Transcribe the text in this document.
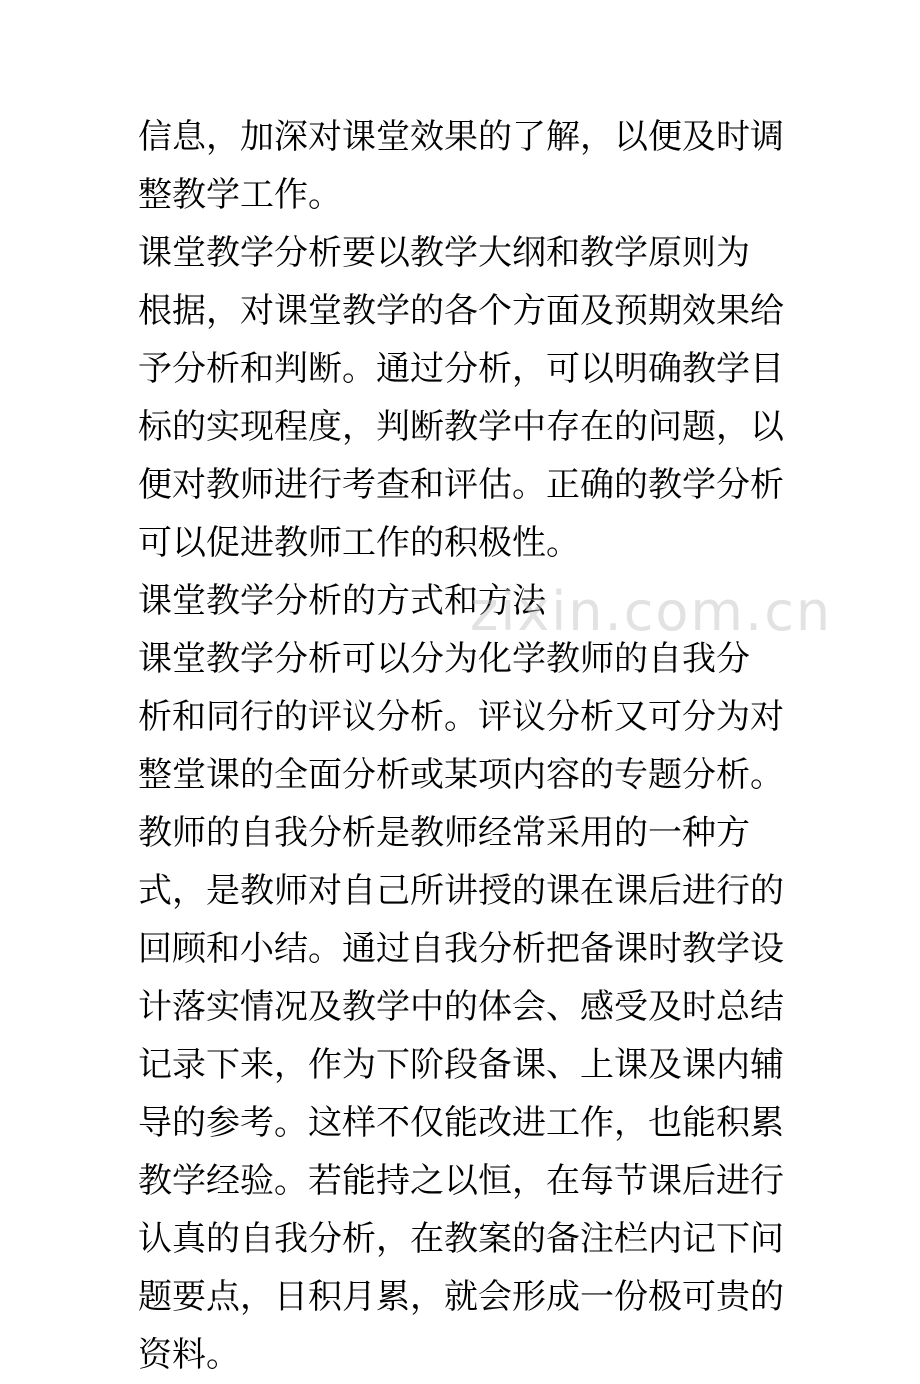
信息，加深对课堂效果的了解，以便及时调
整教学工作。
课堂教学分析要以教学大纲和教学原则为
根据，对课堂教学的各个方面及预期效果给
予分析和判断。通过分析，可以明确教学目
标的实现程度，判断教学中存在的问题，以
便对教师进行考查和评估。正确的教学分析
可以促进教师工作的积极性。
课堂教学分析的方式和方法
课堂教学分析可以分为化学教师的自我分
析和同行的评议分析。评议分析又可分为对
整堂课的全面分析或某项内容的专题分析。
教师的自我分析是教师经常采用的一种方
式，是教师对自己所讲授的课在课后进行的
回顾和小结。通过自我分析把备课时教学设
计落实情况及教学中的体会、感受及时总结
记录下来，作为下阶段备课、上课及课内辅
导的参考。这样不仅能改进工作，也能积累
教学经验。若能持之以恒，在每节课后进行
认真的自我分析，在教案的备注栏内记下问
题要点，日积月累，就会形成一份极可贵的
资料。
zixin.com.cn
